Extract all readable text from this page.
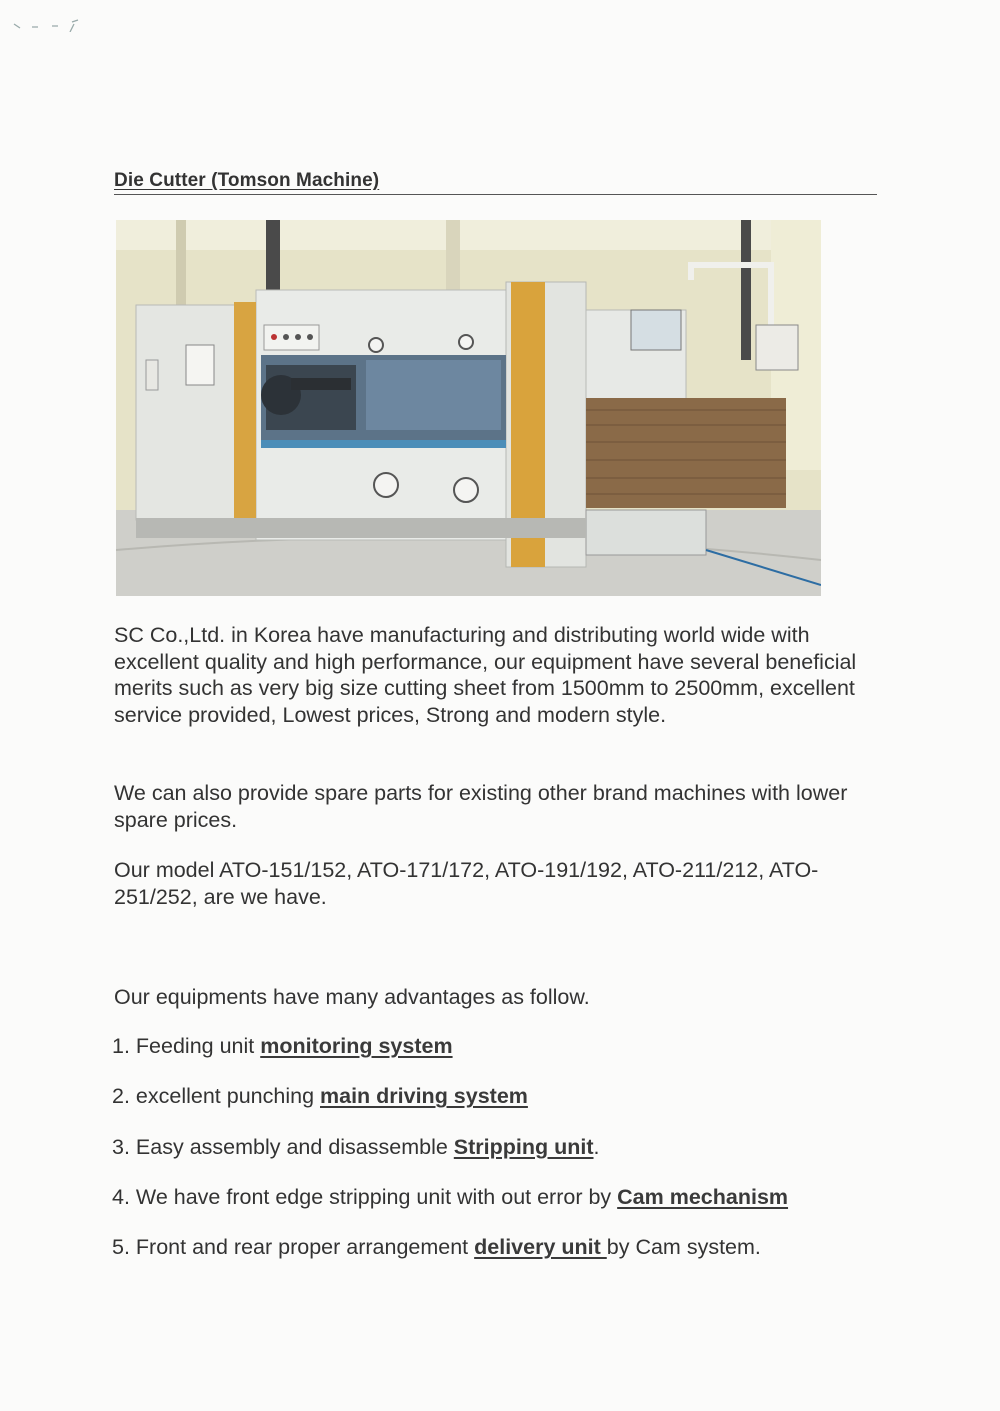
Die Cutter (Tomson Machine)
SC Co.,Ltd. in Korea have manufacturing and distributing world wide with excellent quality and high performance, our equipment have several beneficial merits such as very big size cutting sheet from 1500mm to 2500mm, excellent service provided, Lowest prices, Strong and modern style.
We can also provide spare parts for existing other brand machines with lower spare prices.
Our model ATO-151/152, ATO-171/172, ATO-191/192, ATO-211/212, ATO-251/252, are we have.
Our equipments have many advantages as follow.
1. Feeding unit monitoring system
2. excellent punching main driving system
3. Easy assembly and disassemble Stripping unit.
4. We have front edge stripping unit with out error by Cam mechanism
5. Front and rear proper arrangement delivery unit by Cam system.
